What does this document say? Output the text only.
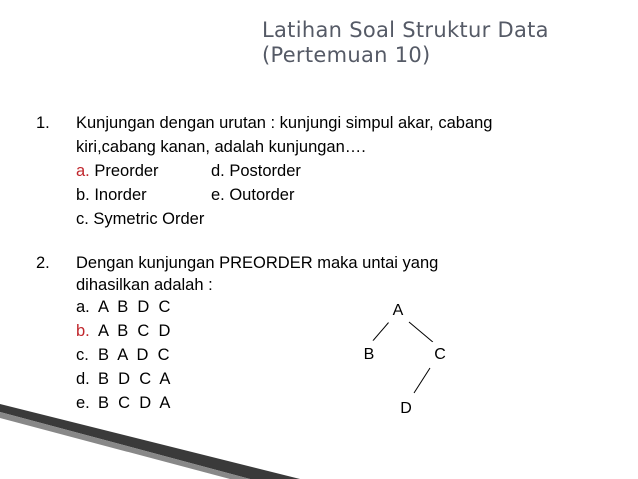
Latihan Soal Struktur Data
(Pertemuan 10)
1. Kunjungan dengan urutan : kunjungi simpul akar, cabang
kiri,cabang kanan, adalah kunjungan….
a. Preorder	d. Postorder
b. Inorder	e. Outorder
c. Symetric Order
2. Dengan kunjungan PREORDER maka untai yang
dihasilkan adalah :
a. A  B  D  C
b. A  B  C  D
c. B  A  D  C
d. B  D  C  A
e. B  C  D  A
A
B	C
D
